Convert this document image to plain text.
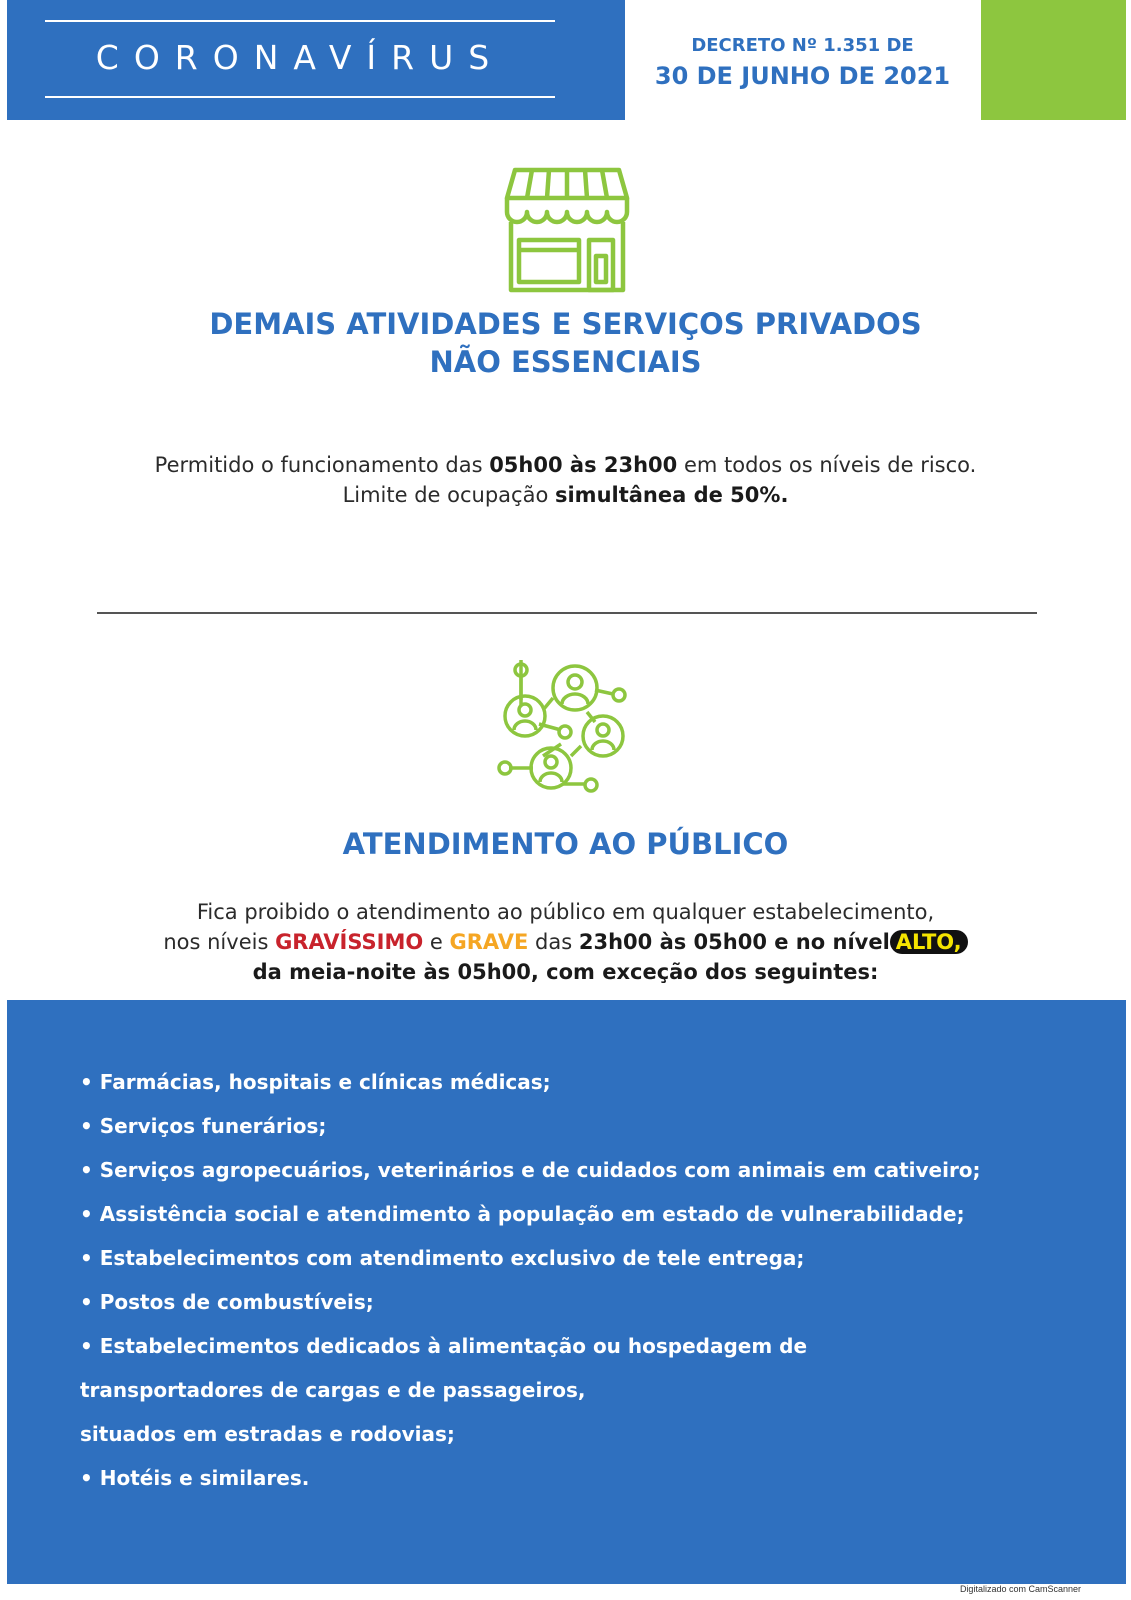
CORONAVÍRUS	DECRETO Nº 1.351 DE
30 DE JUNHO DE 2021
DEMAIS ATIVIDADES E SERVIÇOS PRIVADOS
NÃO ESSENCIAIS
Permitido o funcionamento das 05h00 às 23h00 em todos os níveis de risco.
Limite de ocupação simultânea de 50%.
ATENDIMENTO AO PÚBLICO
Fica proibido o atendimento ao público em qualquer estabelecimento,
nos níveis GRAVÍSSIMO e GRAVE das 23h00 às 05h00 e no nível ALTO,
da meia-noite às 05h00, com exceção dos seguintes:
• Farmácias, hospitais e clínicas médicas;
• Serviços funerários;
• Serviços agropecuários, veterinários e de cuidados com animais em cativeiro;
• Assistência social e atendimento à população em estado de vulnerabilidade;
• Estabelecimentos com atendimento exclusivo de tele entrega;
• Postos de combustíveis;
• Estabelecimentos dedicados à alimentação ou hospedagem de
transportadores de cargas e de passageiros,
situados em estradas e rodovias;
• Hotéis e similares.
Digitalizado com CamScanner
